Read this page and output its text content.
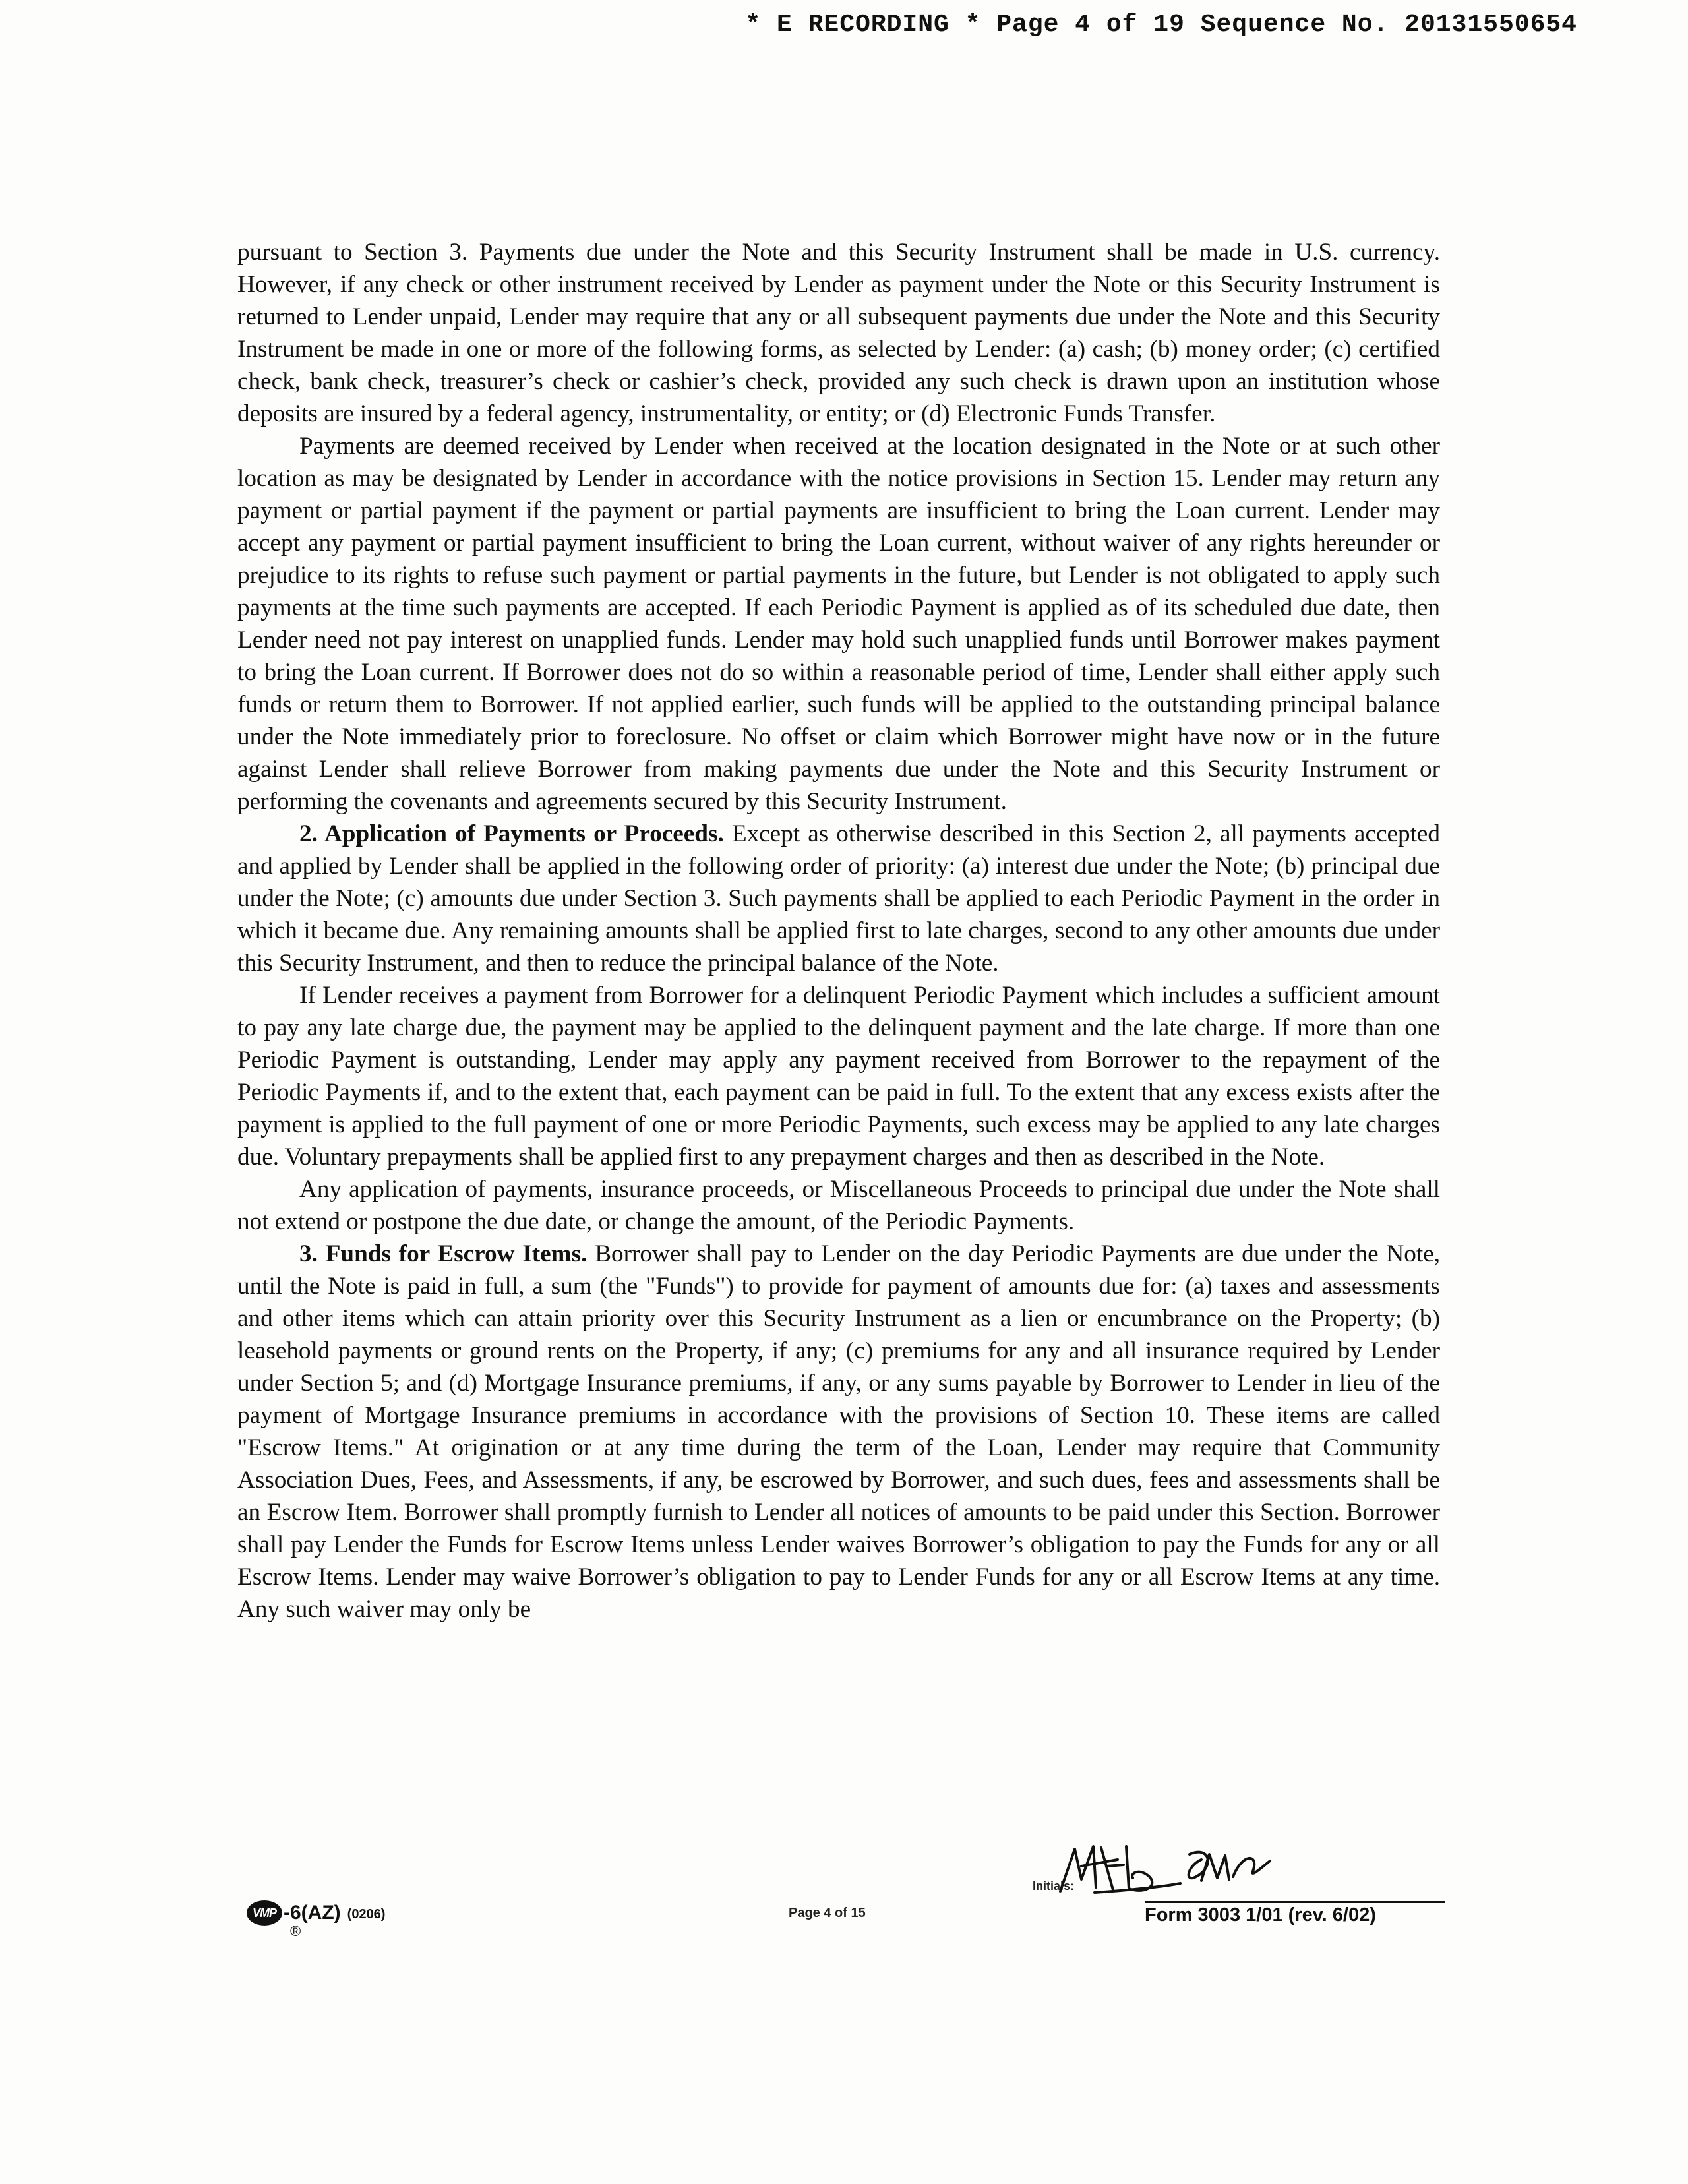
* E RECORDING * Page 4 of 19 Sequence No. 20131550654

pursuant to Section 3. Payments due under the Note and this Security Instrument shall be made in U.S. currency. However, if any check or other instrument received by Lender as payment under the Note or this Security Instrument is returned to Lender unpaid, Lender may require that any or all subsequent payments due under the Note and this Security Instrument be made in one or more of the following forms, as selected by Lender: (a) cash; (b) money order; (c) certified check, bank check, treasurer’s check or cashier’s check, provided any such check is drawn upon an institution whose deposits are insured by a federal agency, instrumentality, or entity; or (d) Electronic Funds Transfer.

Payments are deemed received by Lender when received at the location designated in the Note or at such other location as may be designated by Lender in accordance with the notice provisions in Section 15. Lender may return any payment or partial payment if the payment or partial payments are insufficient to bring the Loan current. Lender may accept any payment or partial payment insufficient to bring the Loan current, without waiver of any rights hereunder or prejudice to its rights to refuse such payment or partial payments in the future, but Lender is not obligated to apply such payments at the time such payments are accepted. If each Periodic Payment is applied as of its scheduled due date, then Lender need not pay interest on unapplied funds. Lender may hold such unapplied funds until Borrower makes payment to bring the Loan current. If Borrower does not do so within a reasonable period of time, Lender shall either apply such funds or return them to Borrower. If not applied earlier, such funds will be applied to the outstanding principal balance under the Note immediately prior to foreclosure. No offset or claim which Borrower might have now or in the future against Lender shall relieve Borrower from making payments due under the Note and this Security Instrument or performing the covenants and agreements secured by this Security Instrument.

2. Application of Payments or Proceeds. Except as otherwise described in this Section 2, all payments accepted and applied by Lender shall be applied in the following order of priority: (a) interest due under the Note; (b) principal due under the Note; (c) amounts due under Section 3. Such payments shall be applied to each Periodic Payment in the order in which it became due. Any remaining amounts shall be applied first to late charges, second to any other amounts due under this Security Instrument, and then to reduce the principal balance of the Note.

If Lender receives a payment from Borrower for a delinquent Periodic Payment which includes a sufficient amount to pay any late charge due, the payment may be applied to the delinquent payment and the late charge. If more than one Periodic Payment is outstanding, Lender may apply any payment received from Borrower to the repayment of the Periodic Payments if, and to the extent that, each payment can be paid in full. To the extent that any excess exists after the payment is applied to the full payment of one or more Periodic Payments, such excess may be applied to any late charges due. Voluntary prepayments shall be applied first to any prepayment charges and then as described in the Note.

Any application of payments, insurance proceeds, or Miscellaneous Proceeds to principal due under the Note shall not extend or postpone the due date, or change the amount, of the Periodic Payments.

3. Funds for Escrow Items. Borrower shall pay to Lender on the day Periodic Payments are due under the Note, until the Note is paid in full, a sum (the "Funds") to provide for payment of amounts due for: (a) taxes and assessments and other items which can attain priority over this Security Instrument as a lien or encumbrance on the Property; (b) leasehold payments or ground rents on the Property, if any; (c) premiums for any and all insurance required by Lender under Section 5; and (d) Mortgage Insurance premiums, if any, or any sums payable by Borrower to Lender in lieu of the payment of Mortgage Insurance premiums in accordance with the provisions of Section 10. These items are called "Escrow Items." At origination or at any time during the term of the Loan, Lender may require that Community Association Dues, Fees, and Assessments, if any, be escrowed by Borrower, and such dues, fees and assessments shall be an Escrow Item. Borrower shall promptly furnish to Lender all notices of amounts to be paid under this Section. Borrower shall pay Lender the Funds for Escrow Items unless Lender waives Borrower’s obligation to pay the Funds for any or all Escrow Items. Lender may waive Borrower’s obligation to pay to Lender Funds for any or all Escrow Items at any time. Any such waiver may only be

Initials:
VMP -6(AZ) (0206)
®
Page 4 of 15	Form 3003 1/01 (rev. 6/02)
